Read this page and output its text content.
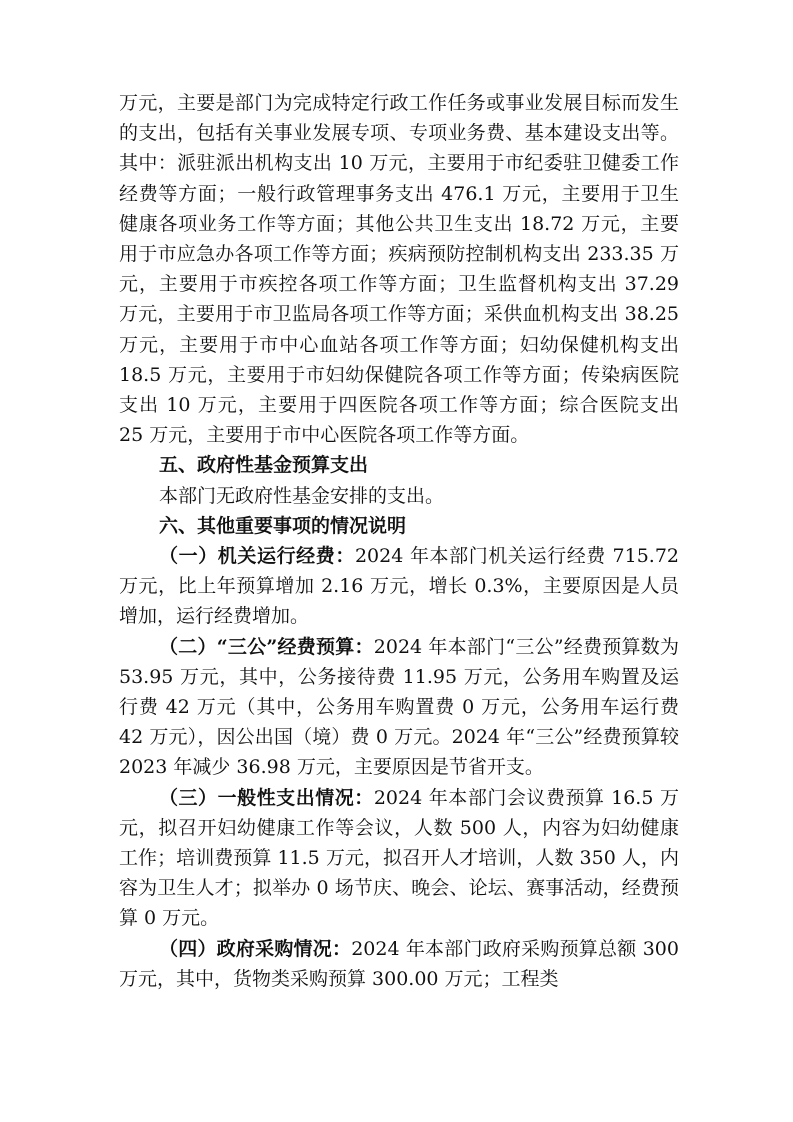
万元，主要是部门为完成特定行政工作任务或事业发展目标而发生的支出，包括有关事业发展专项、专项业务费、基本建设支出等。其中：派驻派出机构支出 10 万元，主要用于市纪委驻卫健委工作经费等方面；一般行政管理事务支出 476.1 万元，主要用于卫生健康各项业务工作等方面；其他公共卫生支出 18.72 万元，主要用于市应急办各项工作等方面；疾病预防控制机构支出 233.35 万元，主要用于市疾控各项工作等方面；卫生监督机构支出 37.29 万元，主要用于市卫监局各项工作等方面；采供血机构支出 38.25 万元，主要用于市中心血站各项工作等方面；妇幼保健机构支出 18.5 万元，主要用于市妇幼保健院各项工作等方面；传染病医院支出 10 万元，主要用于四医院各项工作等方面；综合医院支出 25 万元，主要用于市中心医院各项工作等方面。

五、政府性基金预算支出

本部门无政府性基金安排的支出。

六、其他重要事项的情况说明

（一）机关运行经费：2024 年本部门机关运行经费 715.72 万元，比上年预算增加 2.16 万元，增长 0.3%，主要原因是人员增加，运行经费增加。

（二）“三公”经费预算：2024 年本部门“三公”经费预算数为 53.95 万元，其中，公务接待费 11.95 万元，公务用车购置及运行费 42 万元（其中，公务用车购置费 0 万元，公务用车运行费 42 万元），因公出国（境）费 0 万元。2024 年“三公”经费预算较 2023 年减少 36.98 万元，主要原因是节省开支。

（三）一般性支出情况：2024 年本部门会议费预算 16.5 万元，拟召开妇幼健康工作等会议，人数 500 人，内容为妇幼健康工作；培训费预算 11.5 万元，拟召开人才培训，人数 350 人，内容为卫生人才；拟举办 0 场节庆、晚会、论坛、赛事活动，经费预算 0 万元。

（四）政府采购情况：2024 年本部门政府采购预算总额 300 万元，其中，货物类采购预算 300.00 万元；工程类
